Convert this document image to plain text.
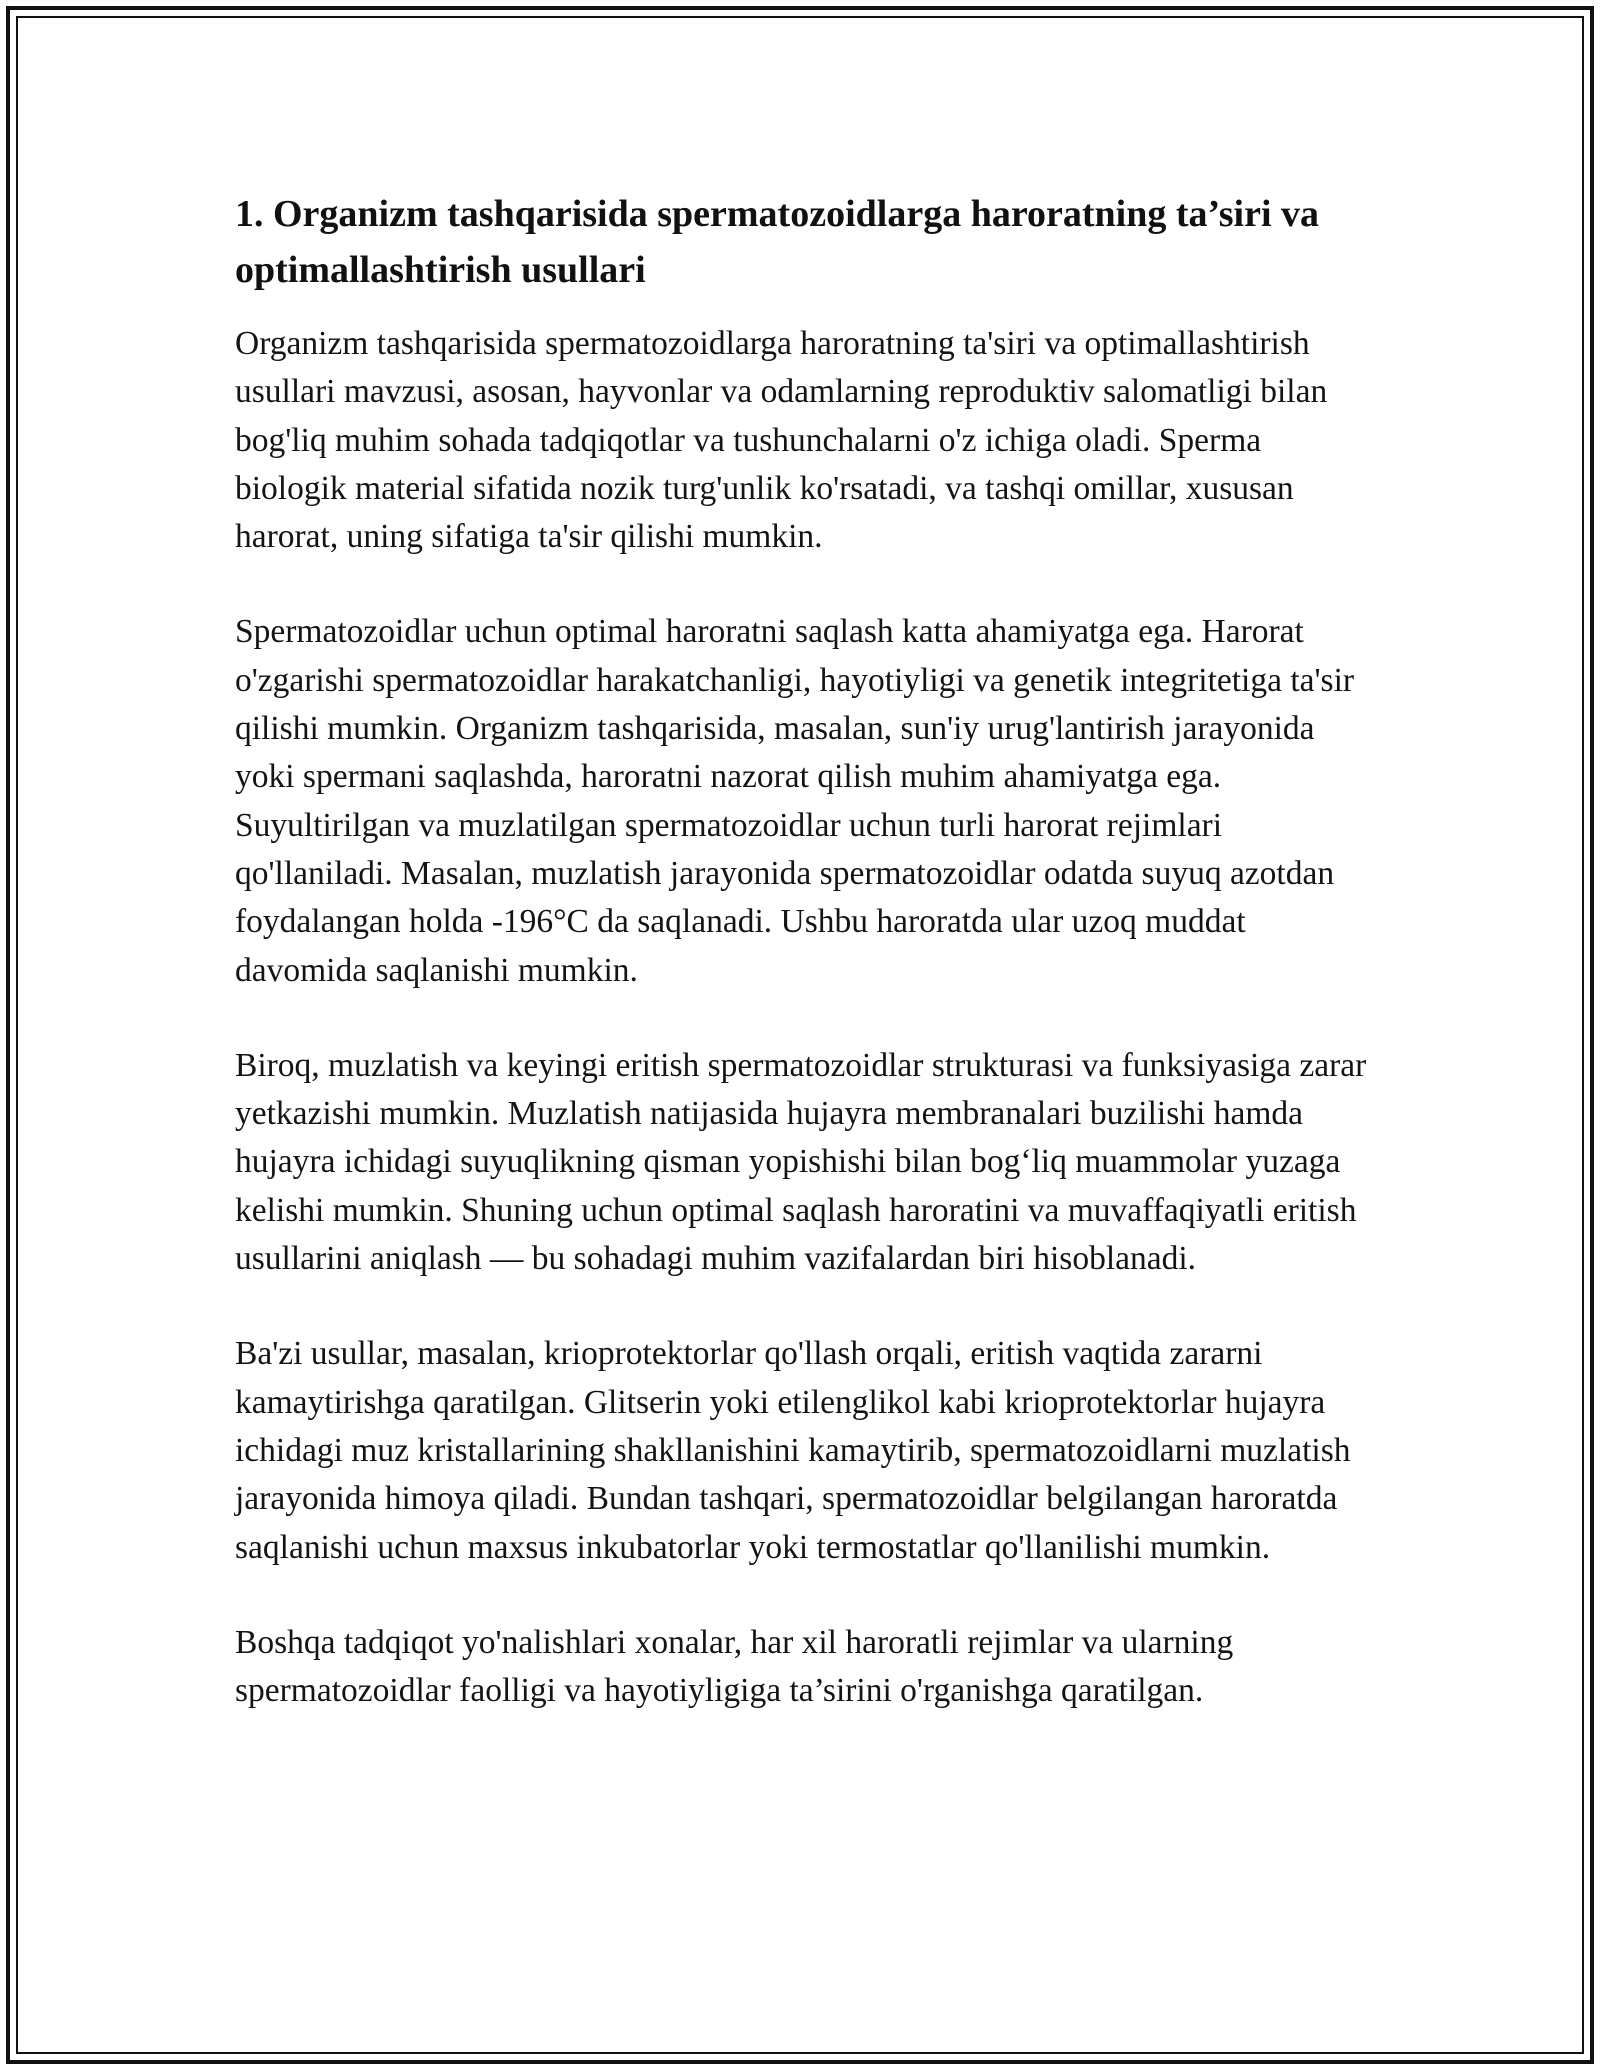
1. Organizm tashqarisida spermatozoidlarga haroratning ta’siri va optimallashtirish usullari

Organizm tashqarisida spermatozoidlarga haroratning ta'siri va optimallashtirish usullari mavzusi, asosan, hayvonlar va odamlarning reproduktiv salomatligi bilan bog'liq muhim sohada tadqiqotlar va tushunchalarni o'z ichiga oladi. Sperma biologik material sifatida nozik turg'unlik ko'rsatadi, va tashqi omillar, xususan harorat, uning sifatiga ta'sir qilishi mumkin.

Spermatozoidlar uchun optimal haroratni saqlash katta ahamiyatga ega. Harorat o'zgarishi spermatozoidlar harakatchanligi, hayotiyligi va genetik integritetiga ta'sir qilishi mumkin. Organizm tashqarisida, masalan, sun'iy urug'lantirish jarayonida yoki spermani saqlashda, haroratni nazorat qilish muhim ahamiyatga ega. Suyultirilgan va muzlatilgan spermatozoidlar uchun turli harorat rejimlari qo'llaniladi. Masalan, muzlatish jarayonida spermatozoidlar odatda suyuq azotdan foydalangan holda -196°C da saqlanadi. Ushbu haroratda ular uzoq muddat davomida saqlanishi mumkin.

Biroq, muzlatish va keyingi eritish spermatozoidlar strukturasi va funksiyasiga zarar yetkazishi mumkin. Muzlatish natijasida hujayra membranalari buzilishi hamda hujayra ichidagi suyuqlikning qisman yopishishi bilan bog‘liq muammolar yuzaga kelishi mumkin. Shuning uchun optimal saqlash haroratini va muvaffaqiyatli eritish usullarini aniqlash — bu sohadagi muhim vazifalardan biri hisoblanadi.

Ba'zi usullar, masalan, krioprotektorlar qo'llash orqali, eritish vaqtida zararni kamaytirishga qaratilgan. Glitserin yoki etilenglikol kabi krioprotektorlar hujayra ichidagi muz kristallarining shakllanishini kamaytirib, spermatozoidlarni muzlatish jarayonida himoya qiladi. Bundan tashqari, spermatozoidlar belgilangan haroratda saqlanishi uchun maxsus inkubatorlar yoki termostatlar qo'llanilishi mumkin.

Boshqa tadqiqot yo'nalishlari xonalar, har xil haroratli rejimlar va ularning spermatozoidlar faolligi va hayotiyligiga ta’sirini o'rganishga qaratilgan.
